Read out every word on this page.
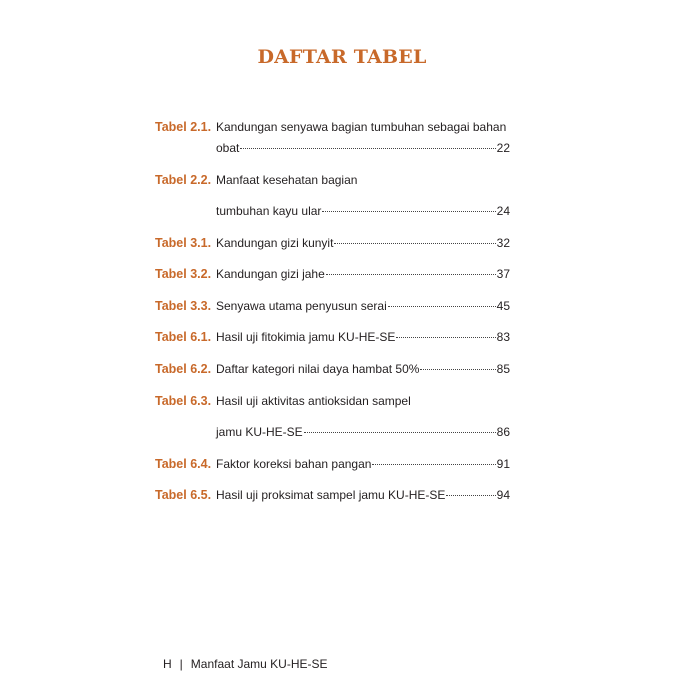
DAFTAR TABEL
Tabel 2.1. Kandungan senyawa bagian tumbuhan sebagai bahan
obat	22
Tabel 2.2. Manfaat kesehatan bagian
tumbuhan kayu ular	24
Tabel 3.1. Kandungan gizi kunyit	32
Tabel 3.2. Kandungan gizi jahe	37
Tabel 3.3. Senyawa utama penyusun serai	45
Tabel 6.1. Hasil uji fitokimia jamu KU-HE-SE	83
Tabel 6.2. Daftar kategori nilai daya hambat 50%	85
Tabel 6.3. Hasil uji aktivitas antioksidan sampel
jamu KU-HE-SE	86
Tabel 6.4. Faktor koreksi bahan pangan	91
Tabel 6.5. Hasil uji proksimat sampel jamu KU-HE-SE	94
H | Manfaat Jamu KU-HE-SE
